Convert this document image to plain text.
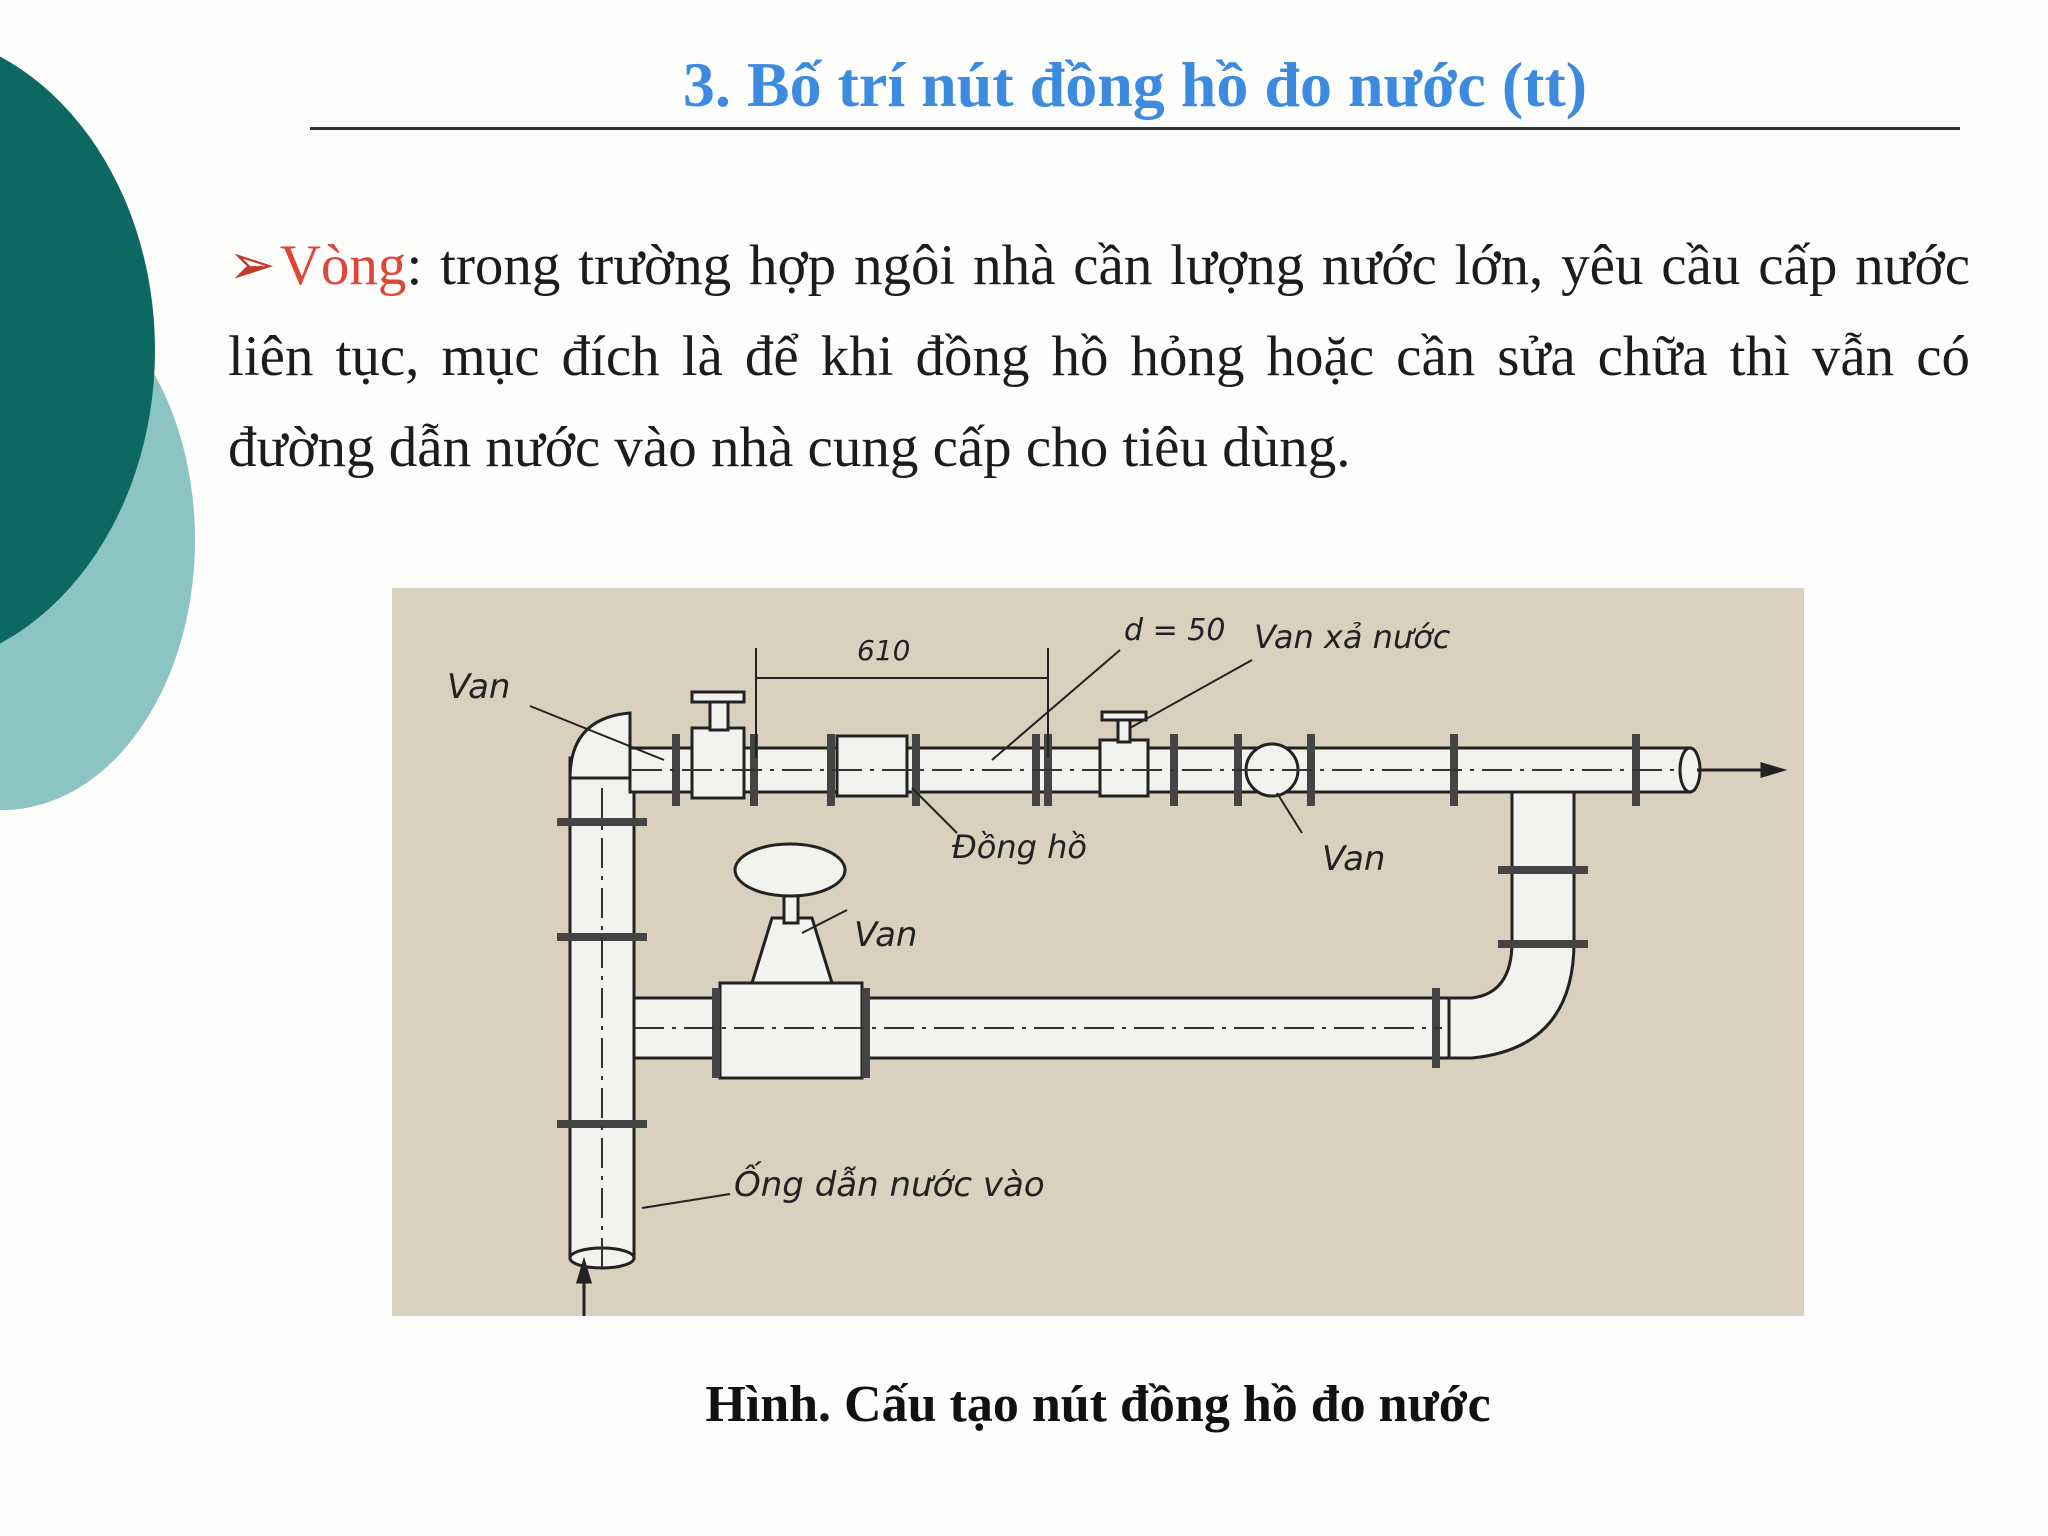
3. Bố trí nút đồng hồ đo nước (tt)
➢Vòng: trong trường hợp ngôi nhà cần lượng nước lớn, yêu cầu cấp nước liên tục, mục đích là để khi đồng hồ hỏng hoặc cần sửa chữa thì vẫn có đường dẫn nước vào nhà cung cấp cho tiêu dùng.
Van
610
d = 50 Van xả nước
Đồng hồ	Van
Van
Ống dẫn nước vào
Hình. Cấu tạo nút đồng hồ đo nước
